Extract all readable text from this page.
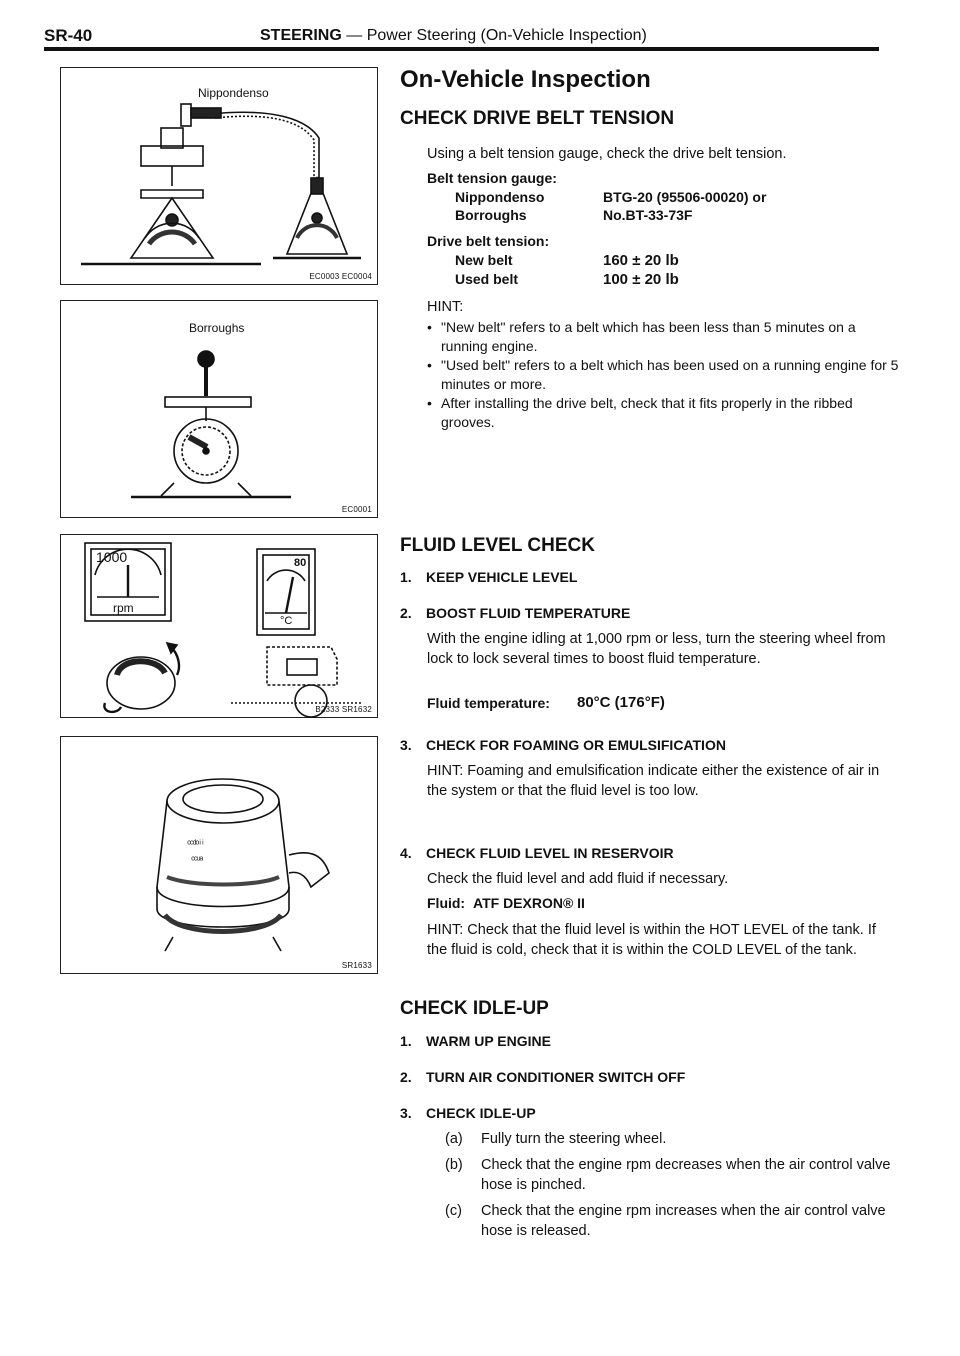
SR-40	STEERING — Power Steering (On-Vehicle Inspection)
Nippondenso
EC0003 EC0004
Borroughs
EC0001
1000
rpm
80
°C
B2333 SR1632
ͨ ͨ ͩ ͦ ͥ ͥ
ͨ ͨ ͧ ͣ
SR1633
On-Vehicle Inspection
CHECK DRIVE BELT TENSION

Using a belt tension gauge, check the drive belt tension.

Belt tension gauge:
Nippondenso	BTG-20 (95506-00020) or
Borroughs	No.BT-33-73F
Drive belt tension:
New belt	160 ± 20 lb
Used belt	100 ± 20 lb

HINT:

• "New belt" refers to a belt which has been less than 5 minutes on a running engine.
• "Used belt" refers to a belt which has been used on a running engine for 5 minutes or more.
• After installing the drive belt, check that it fits properly in the ribbed grooves.
FLUID LEVEL CHECK
1. KEEP VEHICLE LEVEL
2. BOOST FLUID TEMPERATURE

With the engine idling at 1,000 rpm or less, turn the steering wheel from lock to lock several times to boost fluid temperature.

Fluid temperature: 80°C (176°F)
3. CHECK FOR FOAMING OR EMULSIFICATION

HINT: Foaming and emulsification indicate either the existence of air in the system or that the fluid level is too low.

4. CHECK FLUID LEVEL IN RESERVOIR

Check the fluid level and add fluid if necessary.

Fluid: ATF DEXRON® II

HINT: Check that the fluid level is within the HOT LEVEL of the tank. If the fluid is cold, check that it is within the COLD LEVEL of the tank.

CHECK IDLE-UP
1. WARM UP ENGINE
2. TURN AIR CONDITIONER SWITCH OFF
3. CHECK IDLE-UP
(a) Fully turn the steering wheel.
(b) Check that the engine rpm decreases when the air control valve hose is pinched.
(c) Check that the engine rpm increases when the air control valve hose is released.
